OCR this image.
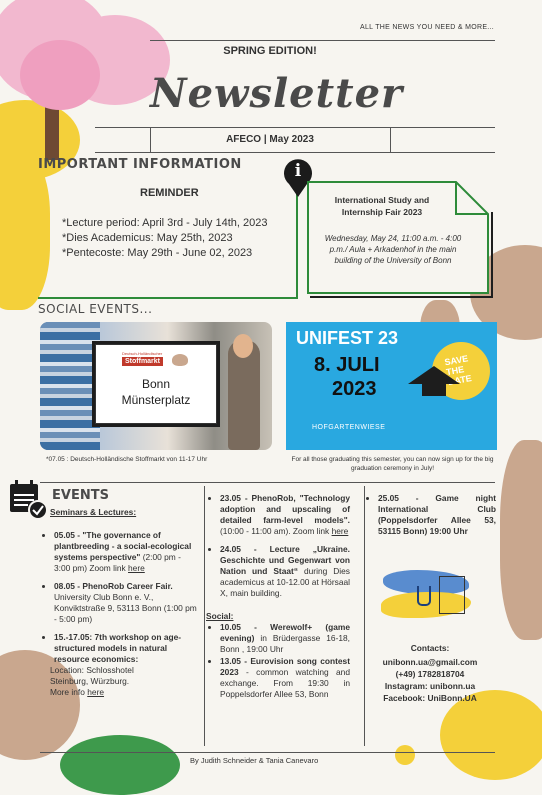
ALL THE NEWS YOU NEED & MORE...
SPRING EDITION!
Newsletter
AFECO | May 2023
IMPORTANT INFORMATION
REMINDER
*Lecture period: April 3rd - July 14th, 2023
*Dies Academicus: May 25th, 2023
*Pentecoste: May 29th - June 02, 2023
i
International Study and Internship Fair 2023
Wednesday, May 24, 11:00 a.m. - 4:00 p.m./ Aula + Arkadenhof in the main building of the University of Bonn
SOCIAL EVENTS...
Deutsch-Holländischer
Stoffmarkt
Bonn
Münsterplatz
*07.05 : Deutsch-Holländische Stoffmarkt von 11-17 Uhr
UNIFEST 23
8. JULI
2023
SAVE THE DATE
HOFGARTENWIESE
For all those graduating this semester, you can now sign up for the big graduation ceremony in July!
EVENTS
Seminars & Lectures:
• 05.05 - "The governance of plantbreeding - a social-ecological systems perspective" (2:00 pm - 3:00 pm) Zoom link here
• 08.05 - PhenoRob Career Fair. University Club Bonn e. V., Konviktstraße 9, 53113 Bonn (1:00 pm - 5:00 pm)
• 15.-17.05: 7th workshop on age-structured models in natural resource economics:
Location: Schlosshotel
Steinburg, Würzburg.
More info here
• 23.05 - PhenoRob, "Technology adoption and upscaling of detailed farm-level models". (10:00 - 11:00 am). Zoom link here
• 24.05 - Lecture „Ukraine. Geschichte und Gegenwart von Nation und Staat“ during Dies academicus at 10-12.00 at Hörsaal X, main building.
Social:
• 10.05 - Werewolf+ (game evening) in Brüdergasse 16-18, Bonn , 19:00 Uhr
• 13.05 - Eurovision song contest 2023 - common watching and exchange. From 19:30 in Poppelsdorfer Allee 53, Bonn
• 25.05 - Game night International Club (Poppelsdorfer Allee 53, 53115 Bonn) 19:00 Uhr
Contacts:
unibonn.ua@gmail.com
(+49) 1782818704
Instagram: unibonn.ua
Facebook: UniBonn.UA
By Judith Schneider & Tania Canevaro
